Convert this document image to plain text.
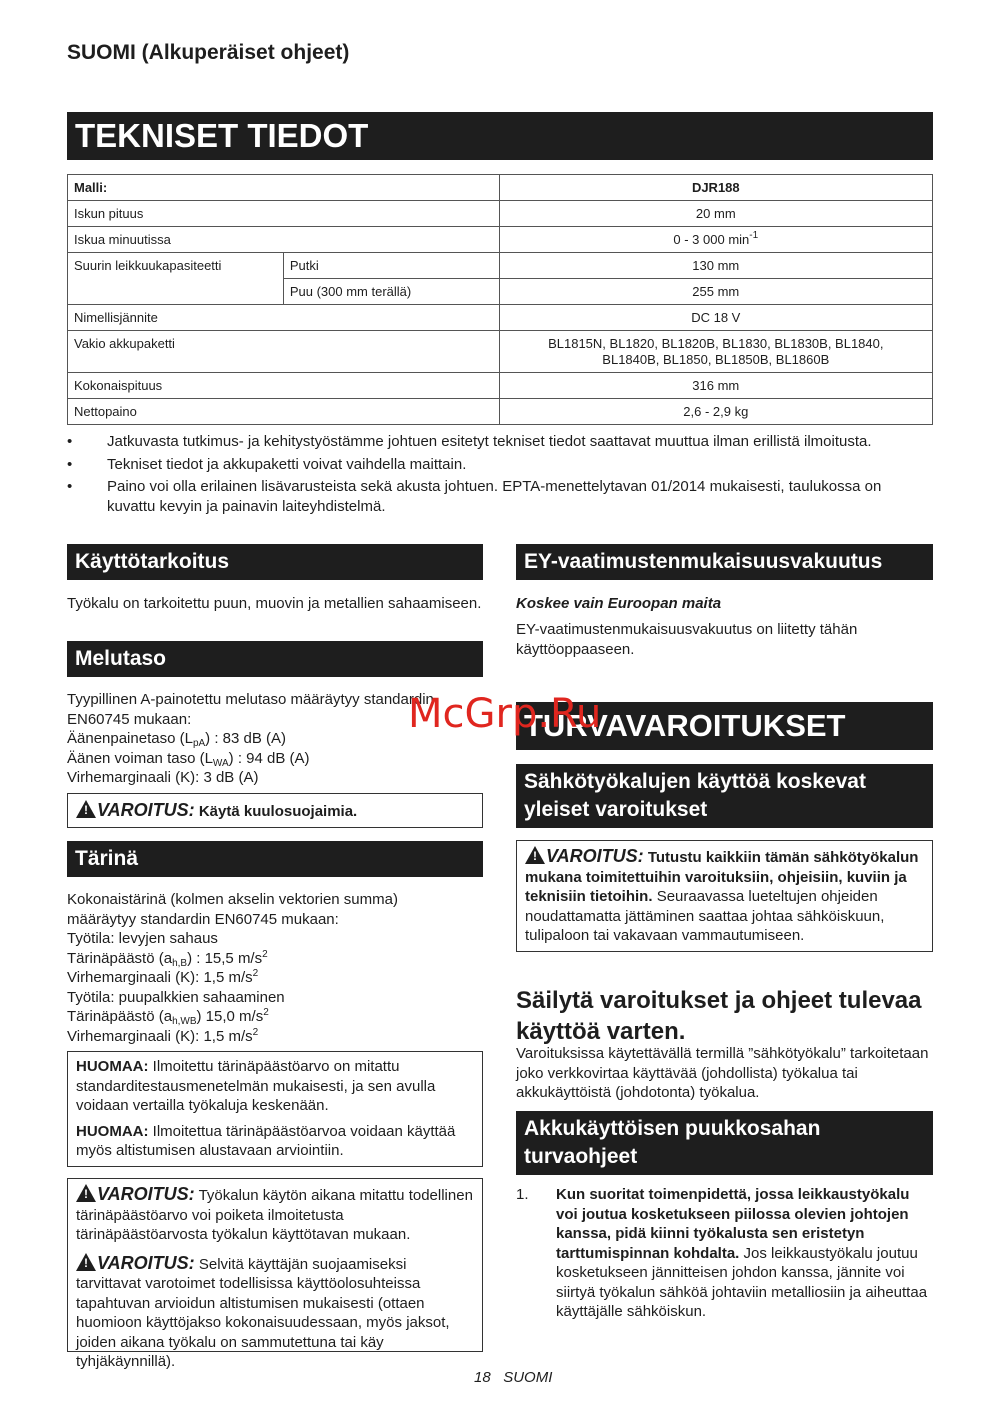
SUOMI (Alkuperäiset ohjeet)
TEKNISET TIEDOT
Malli:		DJR188
Iskun pituus		20 mm
Iskua minuutissa		0 - 3 000 $\min^{-1}$
Suurin leikkuukapasiteetti	Putki	130 mm
	Puu (300 mm terällä)	255 mm
Nimellisjännite		DC 18 V
Vakio akkupaketti		BL1815N, BL1820, BL1820B, BL1830, BL1830B, BL1840,
BL1840B, BL1850, BL1850B, BL1860B

Kokonaispituus		316 mm
Nettopaino		2,6 - 2,9 kg
• Jatkuvasta tutkimus- ja kehitystyöstämme johtuen esitetyt tekniset tiedot saattavat muuttua ilman erillistä ilmoitusta.
• Tekniset tiedot ja akkupaketti voivat vaihdella maittain.
• Paino voi olla erilainen lisävarusteista sekä akusta johtuen. EPTA-menettelytavan 01/2014 mukaisesti, taulukossa on kuvattu kevyin ja painavin laiteyhdistelmä.
Käyttötarkoitus

Työkalu on tarkoitettu puun, muovin ja metallien sahaamiseen.

Melutaso
Tyypillinen A-painotettu melutaso määräytyy standardin
EN60745 mukaan:
Äänenpainetaso $(L_{pA})$ : 83 dB (A)
Äänen voiman taso $(L_{WA})$ : 94 dB (A)
Virhemarginaali (K): 3 dB (A)
!VAROITUS: Käytä kuulosuojaimia.
Tärinä
Kokonaistärinä (kolmen akselin vektorien summa)
määräytyy standardin EN60745 mukaan:
Työtila: levyjen sahaus
Tärinäpäästö $(a_{h,B})$ : 15,5 $m/s^2$
Virhemarginaali (K): 1,5 $m/s^2$
Työtila: puupalkkien sahaaminen
Tärinäpäästö $(a_{h,WB})$ 15,0 $m/s^2$
Virhemarginaali (K): 1,5 $m/s^2$

HUOMAA: Ilmoitettu tärinäpäästöarvo on mitattu standarditestausmenetelmän mukaisesti, ja sen avulla voidaan vertailla työkaluja keskenään.

HUOMAA: Ilmoitettua tärinäpäästöarvoa voidaan käyttää myös altistumisen alustavaan arviointiin.

!VAROITUS: Työkalun käytön aikana mitattu todellinen tärinäpäästöarvo voi poiketa ilmoitetusta tärinäpäästöarvosta työkalun käyttötavan mukaan.

!VAROITUS: Selvitä käyttäjän suojaamiseksi tarvittavat varotoimet todellisissa käyttöolosuhteissa tapahtuvan arvioidun altistumisen mukaisesti (ottaen huomioon käyttöjakso kokonaisuudessaan, myös jaksot, joiden aikana työkalu on sammutettuna tai käy tyhjäkäynnillä).

EY-vaatimustenmukaisuusvakuutus

Koskee vain Euroopan maita

EY-vaatimustenmukaisuusvakuutus on liitetty tähän käyttöoppaaseen.

TURVAVAROITUKSET
McGrp.Ru
Sähkötyökalujen käyttöä koskevat yleiset varoitukset

!VAROITUS: Tutustu kaikkiin tämän sähkötyökalun mukana toimitettuihin varoituksiin, ohjeisiin, kuviin ja teknisiin tietoihin. Seuraavassa lueteltujen ohjeiden noudattamatta jättäminen saattaa johtaa sähköiskuun, tulipaloon tai vakavaan vammautumiseen.

Säilytä varoitukset ja ohjeet tulevaa käyttöä varten.

Varoituksissa käytettävällä termillä ”sähkötyökalu” tarkoitetaan joko verkkovirtaa käyttävää (johdollista) työkalua tai akkukäyttöistä (johdotonta) työkalua.

Akkukäyttöisen puukkosahan turvaohjeet
1. Kun suoritat toimenpidettä, jossa leikkaustyökalu voi joutua kosketukseen piilossa olevien johtojen kanssa, pidä kiinni työkalusta sen eristetyn tarttumispinnan kohdalta. Jos leikkaustyökalu joutuu kosketukseen jännitteisen johdon kanssa, jännite voi siirtyä työkalun sähköä johtaviin metalliosiin ja aiheuttaa käyttäjälle sähköiskun.
18 SUOMI
